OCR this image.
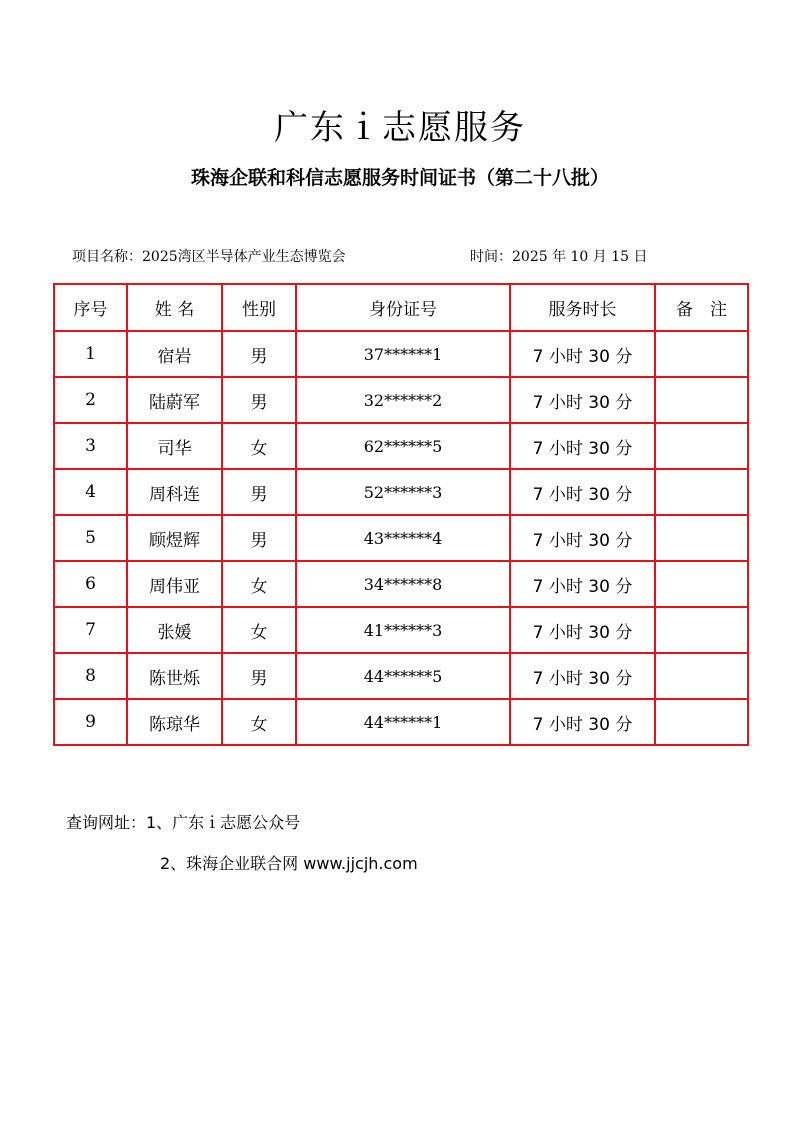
广东ｉ志愿服务
珠海企联和科信志愿服务时间证书（第二十八批）
项目名称：2025湾区半导体产业生态博览会	时间：2025 年 10 月 15 日
序号	姓 名	性别	身份证号	服务时长	备　注
1	宿岩	男	37******1	7 小时 30 分	
2	陆蔚军	男	32******2	7 小时 30 分	
3	司华	女	62******5	7 小时 30 分	
4	周科连	男	52******3	7 小时 30 分	
5	顾煜辉	男	43******4	7 小时 30 分	
6	周伟亚	女	34******8	7 小时 30 分	
7	张媛	女	41******3	7 小时 30 分	
8	陈世烁	男	44******5	7 小时 30 分	
9	陈琼华	女	44******1	7 小时 30 分	
查询网址：1、广东ｉ志愿公众号
2、珠海企业联合网 www.jjcjh.com
